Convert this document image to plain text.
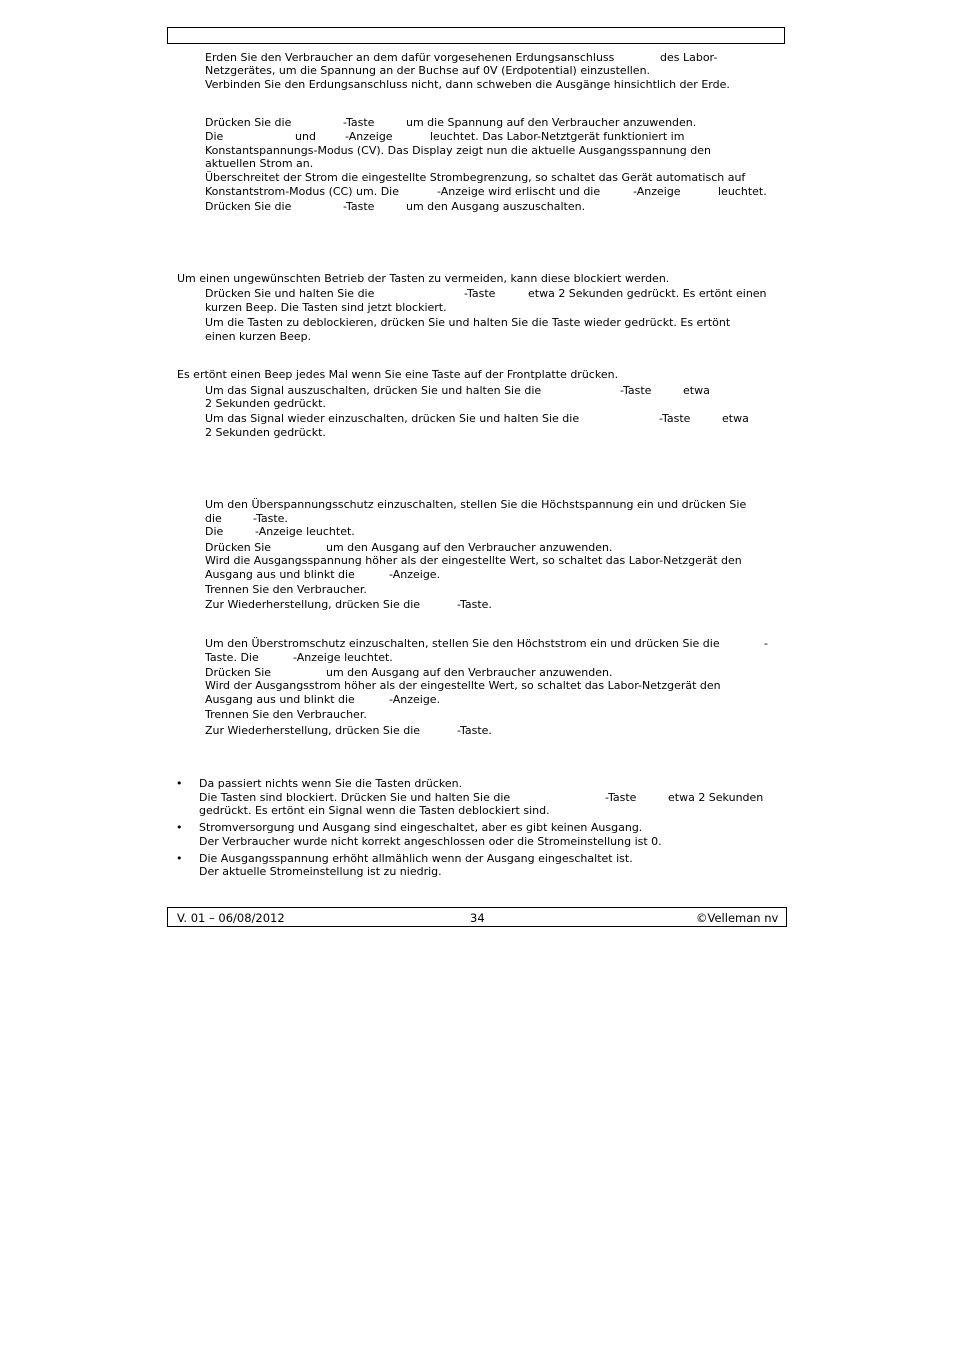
Erden Sie den Verbraucher an dem dafür vorgesehenen Erdungsanschluss	des Labor-
Netzgerätes, um die Spannung an der Buchse auf 0V (Erdpotential) einzustellen.
Verbinden Sie den Erdungsanschluss nicht, dann schweben die Ausgänge hinsichtlich der Erde.
Drücken Sie die	-Taste	um die Spannung auf den Verbraucher anzuwenden.
Die	und	-Anzeige	leuchtet. Das Labor-Netztgerät funktioniert im
Konstantspannungs-Modus (CV). Das Display zeigt nun die aktuelle Ausgangsspannung den
aktuellen Strom an.
Überschreitet der Strom die eingestellte Strombegrenzung, so schaltet das Gerät automatisch auf
Konstantstrom-Modus (CC) um. Die	-Anzeige wird erlischt und die	-Anzeige	leuchtet.
Drücken Sie die	-Taste	um den Ausgang auszuschalten.
Um einen ungewünschten Betrieb der Tasten zu vermeiden, kann diese blockiert werden.
Drücken Sie und halten Sie die	-Taste	etwa 2 Sekunden gedrückt. Es ertönt einen
kurzen Beep. Die Tasten sind jetzt blockiert.
Um die Tasten zu deblockieren, drücken Sie und halten Sie die Taste wieder gedrückt. Es ertönt
einen kurzen Beep.
Es ertönt einen Beep jedes Mal wenn Sie eine Taste auf der Frontplatte drücken.
Um das Signal auszuschalten, drücken Sie und halten Sie die	-Taste	etwa
2 Sekunden gedrückt.
Um das Signal wieder einzuschalten, drücken Sie und halten Sie die	-Taste	etwa
2 Sekunden gedrückt.
Um den Überspannungsschutz einzuschalten, stellen Sie die Höchstspannung ein und drücken Sie
die	-Taste.
Die	-Anzeige leuchtet.
Drücken Sie	um den Ausgang auf den Verbraucher anzuwenden.
Wird die Ausgangsspannung höher als der eingestellte Wert, so schaltet das Labor-Netzgerät den
Ausgang aus und blinkt die	-Anzeige.
Trennen Sie den Verbraucher.
Zur Wiederherstellung, drücken Sie die	-Taste.
Um den Überstromschutz einzuschalten, stellen Sie den Höchststrom ein und drücken Sie die	-
Taste. Die	-Anzeige leuchtet.
Drücken Sie	um den Ausgang auf den Verbraucher anzuwenden.
Wird der Ausgangsstrom höher als der eingestellte Wert, so schaltet das Labor-Netzgerät den
Ausgang aus und blinkt die	-Anzeige.
Trennen Sie den Verbraucher.
Zur Wiederherstellung, drücken Sie die	-Taste.
Da passiert nichts wenn Sie die Tasten drücken.
Die Tasten sind blockiert. Drücken Sie und halten Sie die	-Taste	etwa 2 Sekunden
gedrückt. Es ertönt ein Signal wenn die Tasten deblockiert sind.
Stromversorgung und Ausgang sind eingeschaltet, aber es gibt keinen Ausgang.
Der Verbraucher wurde nicht korrekt angeschlossen oder die Stromeinstellung ist 0.
Die Ausgangsspannung erhöht allmählich wenn der Ausgang eingeschaltet ist.
Der aktuelle Stromeinstellung ist zu niedrig.
•
•
•
V. 01 – 06/08/2012	34	©Velleman nv
